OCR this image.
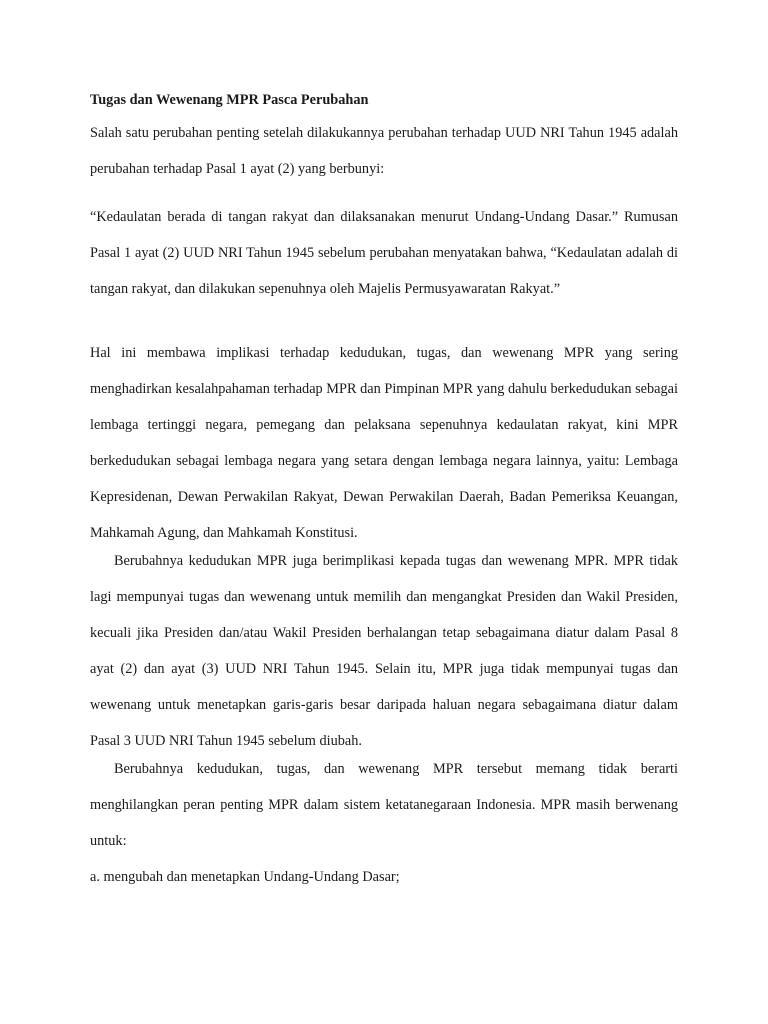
Tugas dan Wewenang MPR Pasca Perubahan

Salah satu perubahan penting setelah dilakukannya perubahan terhadap UUD NRI Tahun 1945 adalah perubahan terhadap Pasal 1 ayat (2) yang berbunyi:

“Kedaulatan berada di tangan rakyat dan dilaksanakan menurut Undang-Undang Dasar.” Rumusan Pasal 1 ayat (2) UUD NRI Tahun 1945 sebelum perubahan menyatakan bahwa, “Kedaulatan adalah di tangan rakyat, dan dilakukan sepenuhnya oleh Majelis Permusyawaratan Rakyat.”

Hal ini membawa implikasi terhadap kedudukan, tugas, dan wewenang MPR yang sering menghadirkan kesalahpahaman terhadap MPR dan Pimpinan MPR yang dahulu berkedudukan sebagai lembaga tertinggi negara, pemegang dan pelaksana sepenuhnya kedaulatan rakyat, kini MPR berkedudukan sebagai lembaga negara yang setara dengan lembaga negara lainnya, yaitu: Lembaga Kepresidenan, Dewan Perwakilan Rakyat, Dewan Perwakilan Daerah, Badan Pemeriksa Keuangan, Mahkamah Agung, dan Mahkamah Konstitusi.

Berubahnya kedudukan MPR juga berimplikasi kepada tugas dan wewenang MPR. MPR tidak lagi mempunyai tugas dan wewenang untuk memilih dan mengangkat Presiden dan Wakil Presiden, kecuali jika Presiden dan/atau Wakil Presiden berhalangan tetap sebagaimana diatur dalam Pasal 8 ayat (2) dan ayat (3) UUD NRI Tahun 1945. Selain itu, MPR juga tidak mempunyai tugas dan wewenang untuk menetapkan garis-garis besar daripada haluan negara sebagaimana diatur dalam Pasal 3 UUD NRI Tahun 1945 sebelum diubah.

Berubahnya kedudukan, tugas, dan wewenang MPR tersebut memang tidak berarti menghilangkan peran penting MPR dalam sistem ketatanegaraan Indonesia. MPR masih berwenang untuk:

a. mengubah dan menetapkan Undang-Undang Dasar;
